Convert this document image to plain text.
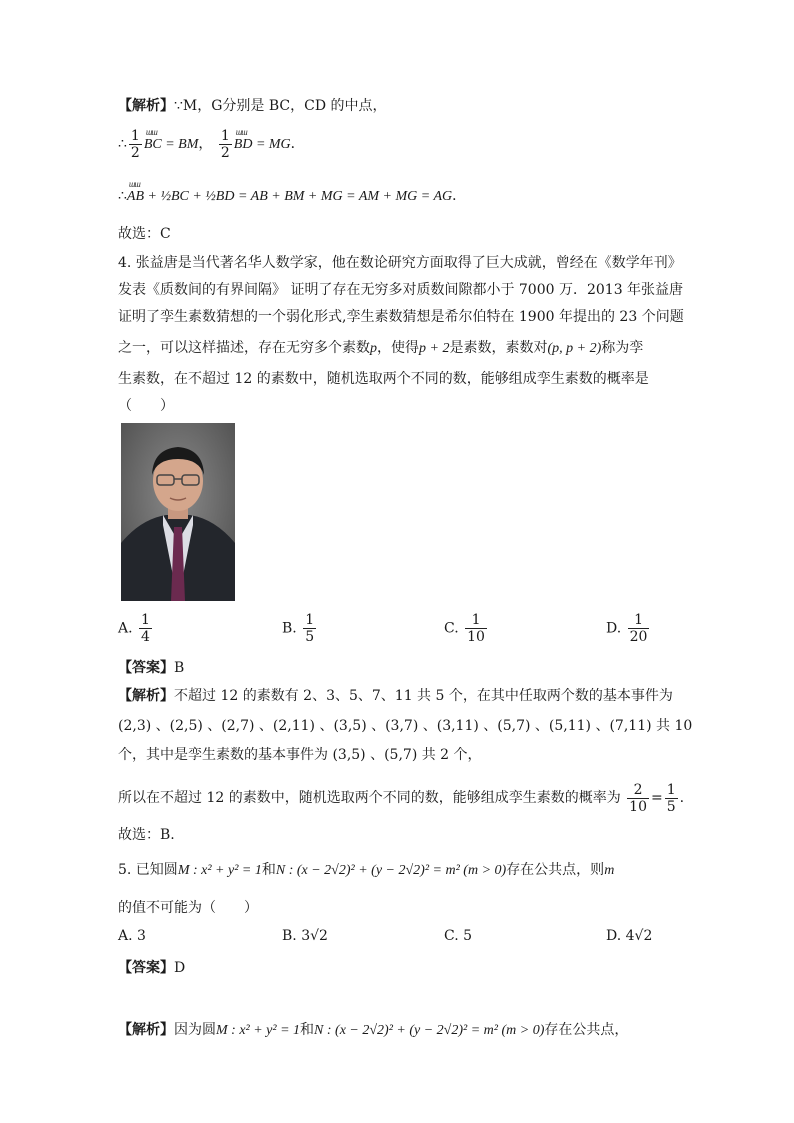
【解析】∵M，G分别是 BC，CD 的中点，
∴ $\frac{1}{2}$ ɯɯ BC = BM， $\frac{1}{2}$ ɯɯ BD = MG．
∴ɯɯ AB + ½BC + ½BD = AB + BM + MG = AM + MG = AG．
故选：C
4. 张益唐是当代著名华人数学家，他在数论研究方面取得了巨大成就，曾经在《数学年刊》
发表《质数间的有界间隔》 证明了存在无穷多对质数间隙都小于 7000 万．2013 年张益唐
证明了孪生素数猜想的一个弱化形式,孪生素数猜想是希尔伯特在 1900 年提出的 23 个问题
之一，可以这样描述，存在无穷多个素数p，使得p + 2是素数，素数对(p, p + 2)称为孪
生素数，在不超过 12 的素数中，随机选取两个不同的数，能够组成孪生素数的概率是
（　　）
A. $\frac{1}{4}$	B. $\frac{1}{5}$	C. $\frac{1}{10}$	D. $\frac{1}{20}$
【答案】B
【解析】不超过 12 的素数有 2、3、5、7、11 共 5 个，在其中任取两个数的基本事件为
(2,3) 、(2,5) 、(2,7) 、(2,11) 、(3,5) 、(3,7) 、(3,11) 、(5,7) 、(5,11) 、(7,11) 共 10
个，其中是孪生素数的基本事件为 (3,5) 、(5,7) 共 2 个，
所以在不超过 12 的素数中，随机选取两个不同的数，能够组成孪生素数的概率为 $\frac{2}{10} = \frac{1}{5}$ .
故选：B.
5. 已知圆M : x² + y² = 1和N : (x − 2√2)² + (y − 2√2)² = m² (m > 0)存在公共点，则m
的值不可能为（　　）
A. 3	B. 3√2	C. 5	D. 4√2
【答案】D
【解析】因为圆M : x² + y² = 1和N : (x − 2√2)² + (y − 2√2)² = m² (m > 0)存在公共点，
